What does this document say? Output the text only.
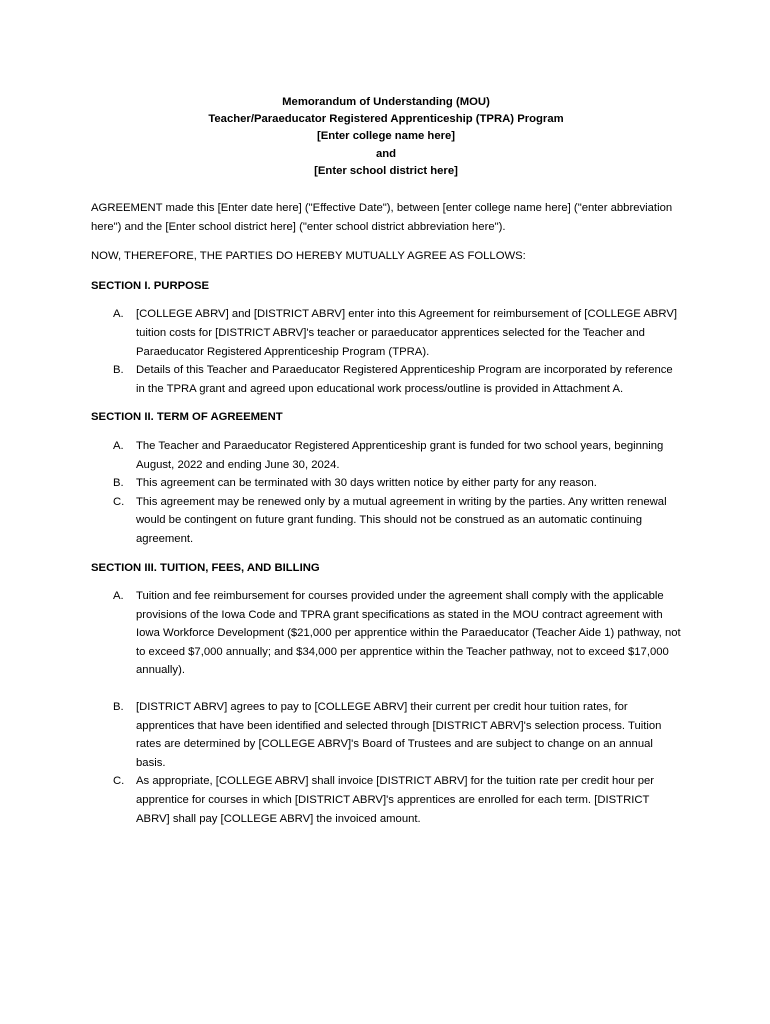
Memorandum of Understanding (MOU)
Teacher/Paraeducator Registered Apprenticeship (TPRA) Program
[Enter college name here]
and
[Enter school district here]

AGREEMENT made this [Enter date here] ("Effective Date"), between [enter college name here] ("enter abbreviation here") and the [Enter school district here] ("enter school district abbreviation here").

NOW, THEREFORE, THE PARTIES DO HEREBY MUTUALLY AGREE AS FOLLOWS:

SECTION I. PURPOSE
A. [COLLEGE ABRV] and [DISTRICT ABRV] enter into this Agreement for reimbursement of [COLLEGE ABRV] tuition costs for [DISTRICT ABRV]'s teacher or paraeducator apprentices selected for the Teacher and Paraeducator Registered Apprenticeship Program (TPRA).
B. Details of this Teacher and Paraeducator Registered Apprenticeship Program are incorporated by reference in the TPRA grant and agreed upon educational work process/outline is provided in Attachment A.
SECTION II. TERM OF AGREEMENT
A. The Teacher and Paraeducator Registered Apprenticeship grant is funded for two school years, beginning August, 2022 and ending June 30, 2024.
B. This agreement can be terminated with 30 days written notice by either party for any reason.
C. This agreement may be renewed only by a mutual agreement in writing by the parties. Any written renewal would be contingent on future grant funding. This should not be construed as an automatic continuing agreement.
SECTION III. TUITION, FEES, AND BILLING
A. Tuition and fee reimbursement for courses provided under the agreement shall comply with the applicable provisions of the Iowa Code and TPRA grant specifications as stated in the MOU contract agreement with Iowa Workforce Development ($21,000 per apprentice within the Paraeducator (Teacher Aide 1) pathway, not to exceed $7,000 annually; and $34,000 per apprentice within the Teacher pathway, not to exceed $17,000 annually).
B. [DISTRICT ABRV] agrees to pay to [COLLEGE ABRV] their current per credit hour tuition rates, for apprentices that have been identified and selected through [DISTRICT ABRV]'s selection process. Tuition rates are determined by [COLLEGE ABRV]'s Board of Trustees and are subject to change on an annual basis.
C. As appropriate, [COLLEGE ABRV] shall invoice [DISTRICT ABRV] for the tuition rate per credit hour per apprentice for courses in which [DISTRICT ABRV]'s apprentices are enrolled for each term. [DISTRICT ABRV] shall pay [COLLEGE ABRV] the invoiced amount.
